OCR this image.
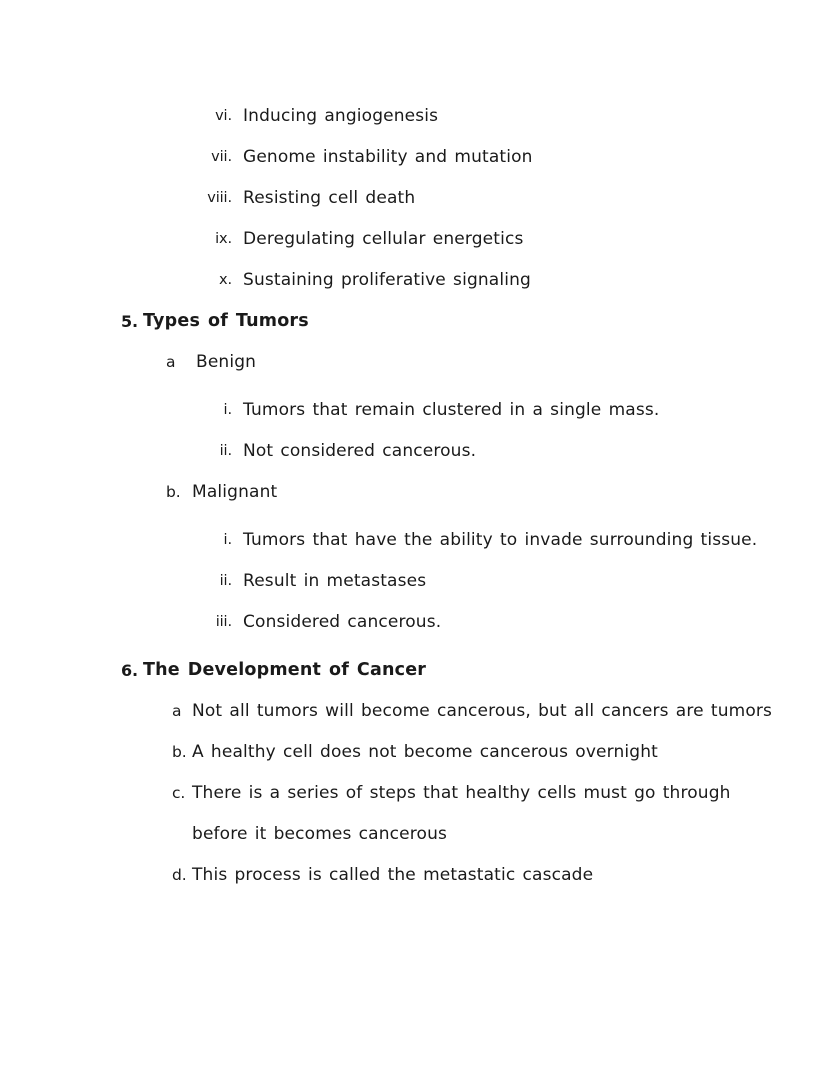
vi. Inducing angiogenesis
vii. Genome instability and mutation
viii. Resisting cell death
ix. Deregulating cellular energetics
x. Sustaining proliferative signaling
5. Types of Tumors
a	Benign
i. Tumors that remain clustered in a single mass.
ii. Not considered cancerous.
b. Malignant
i. Tumors that have the ability to invade surrounding tissue.
ii. Result in metastases
iii. Considered cancerous.
6. The Development of Cancer
a Not all tumors will become cancerous, but all cancers are tumors
b. A healthy cell does not become cancerous overnight
c. There is a series of steps that healthy cells must go through
before it becomes cancerous
d. This process is called the metastatic cascade
